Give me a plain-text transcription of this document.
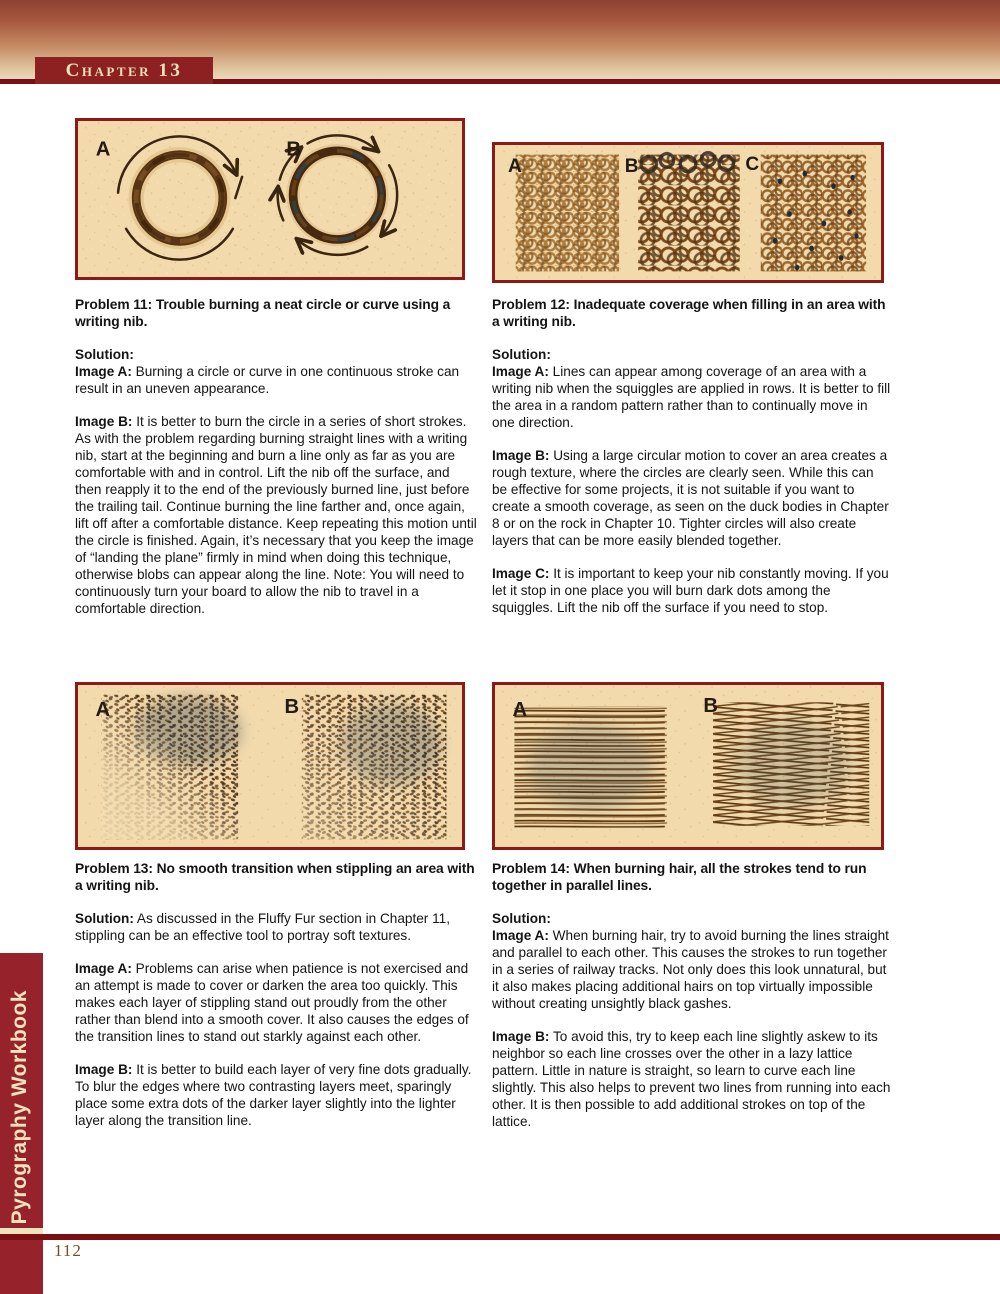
Chapter 13
A	B
A	B	C
A	B	A	B
Problem 11: Trouble burning a neat circle or curve using a writing nib.

Solution:

Image A: Burning a circle or curve in one continuous stroke can result in an uneven appearance.

Image B: It is better to burn the circle in a series of short strokes. As with the problem regarding burning straight lines with a writing nib, start at the beginning and burn a line only as far as you are comfortable with and in control. Lift the nib off the surface, and then reapply it to the end of the previously burned line, just before the trailing tail. Continue burning the line farther and, once again, lift off after a comfortable distance. Keep repeating this motion until the circle is finished. Again, it’s necessary that you keep the image of “landing the plane” firmly in mind when doing this technique, otherwise blobs can appear along the line. Note: You will need to continuously turn your board to allow the nib to travel in a comfortable direction.

Problem 12: Inadequate coverage when filling in an area with a writing nib.

Solution:

Image A: Lines can appear among coverage of an area with a writing nib when the squiggles are applied in rows. It is better to fill the area in a random pattern rather than to continually move in one direction.

Image B: Using a large circular motion to cover an area creates a rough texture, where the circles are clearly seen. While this can be effective for some projects, it is not suitable if you want to create a smooth coverage, as seen on the duck bodies in Chapter 8 or on the rock in Chapter 10. Tighter circles will also create layers that can be more easily blended together.

Image C: It is important to keep your nib constantly moving. If you let it stop in one place you will burn dark dots among the squiggles. Lift the nib off the surface if you need to stop.

Problem 13: No smooth transition when stippling an area with a writing nib.

Solution: As discussed in the Fluffy Fur section in Chapter 11, stippling can be an effective tool to portray soft textures.

Image A: Problems can arise when patience is not exercised and an attempt is made to cover or darken the area too quickly. This makes each layer of stippling stand out proudly from the other rather than blend into a smooth cover. It also causes the edges of the transition lines to stand out starkly against each other.

Image B: It is better to build each layer of very fine dots gradually. To blur the edges where two contrasting layers meet, sparingly place some extra dots of the darker layer slightly into the lighter layer along the transition line.

Problem 14: When burning hair, all the strokes tend to run together in parallel lines.

Solution:

Image A: When burning hair, try to avoid burning the lines straight and parallel to each other. This causes the strokes to run together in a series of railway tracks. Not only does this look unnatural, but it also makes placing additional hairs on top virtually impossible without creating unsightly black gashes.

Image B: To avoid this, try to keep each line slightly askew to its neighbor so each line crosses over the other in a lazy lattice pattern. Little in nature is straight, so learn to curve each line slightly. This also helps to prevent two lines from running into each other. It is then possible to add additional strokes on top of the lattice.

Pyrography Workbook
112
